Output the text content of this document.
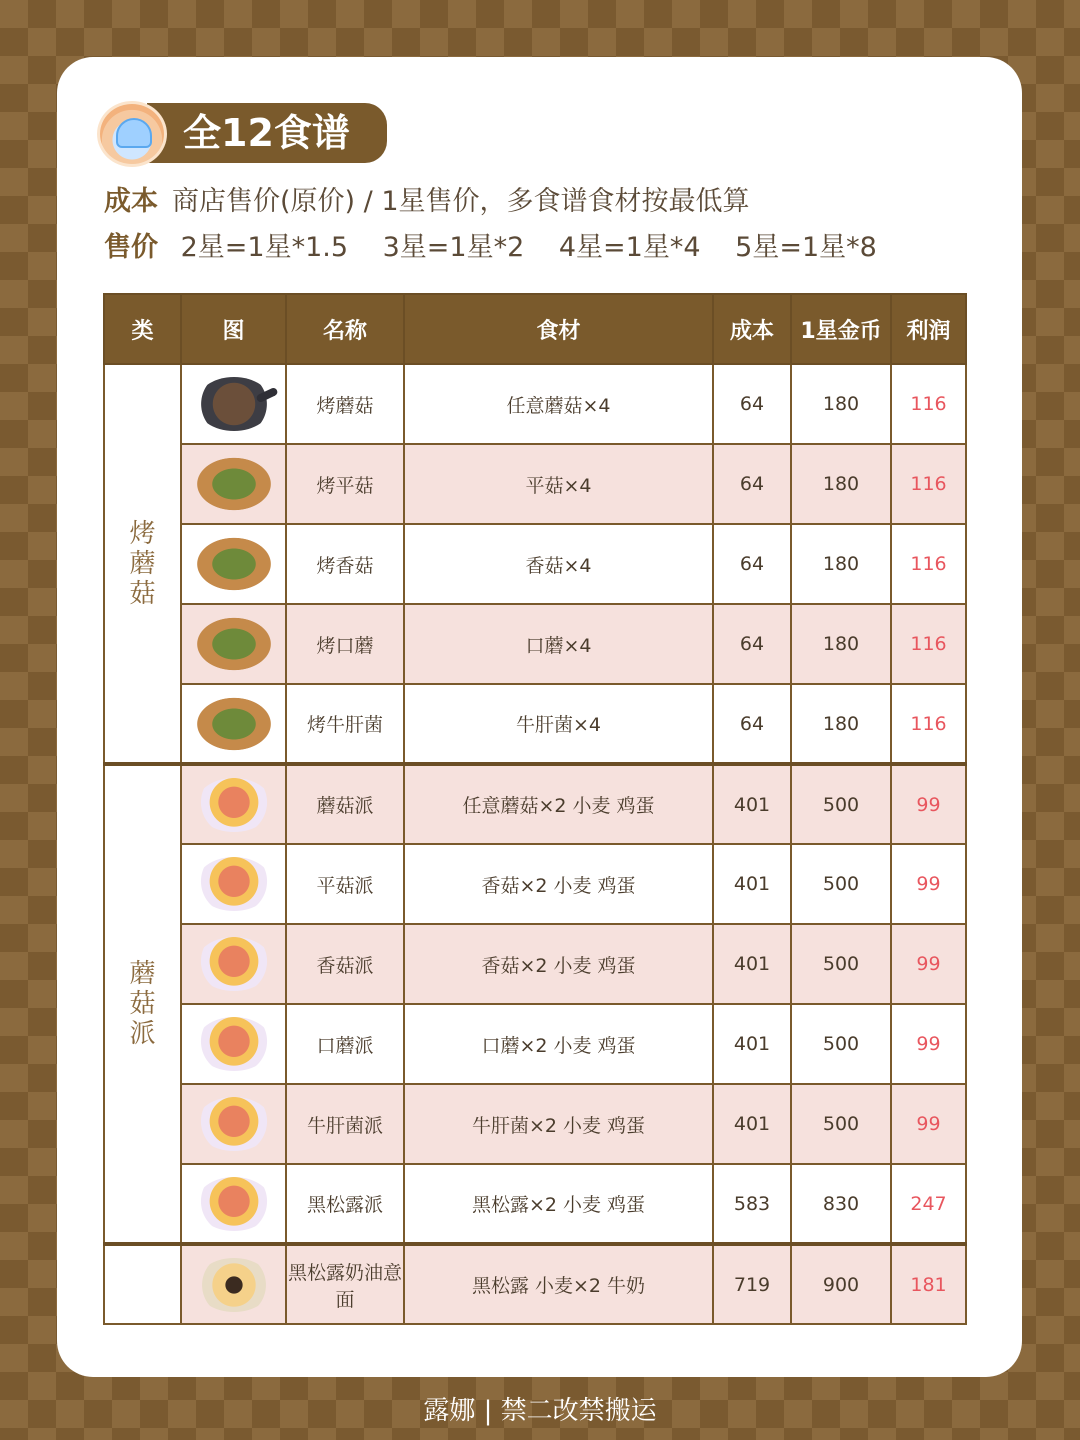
全12食谱
成本 商店售价(原价) / 1星售价，多食谱食材按最低算
售价 2星=1星*1.5 3星=1星*2 4星=1星*4 5星=1星*8
类	图	名称	食材	成本	1星金币	利润
烤蘑菇		烤蘑菇	任意蘑菇×4	64	180	116
		烤平菇	平菇×4	64	180	116
		烤香菇	香菇×4	64	180	116
		烤口蘑	口蘑×4	64	180	116
		烤牛肝菌	牛肝菌×4	64	180	116
蘑菇派		蘑菇派	任意蘑菇×2 小麦 鸡蛋	401	500	99
		平菇派	香菇×2 小麦 鸡蛋	401	500	99
		香菇派	香菇×2 小麦 鸡蛋	401	500	99
		口蘑派	口蘑×2 小麦 鸡蛋	401	500	99
		牛肝菌派	牛肝菌×2 小麦 鸡蛋	401	500	99
		黑松露派	黑松露×2 小麦 鸡蛋	583	830	247
		黑松露奶油意面	黑松露 小麦×2 牛奶	719	900	181
露娜 | 禁二改禁搬运
